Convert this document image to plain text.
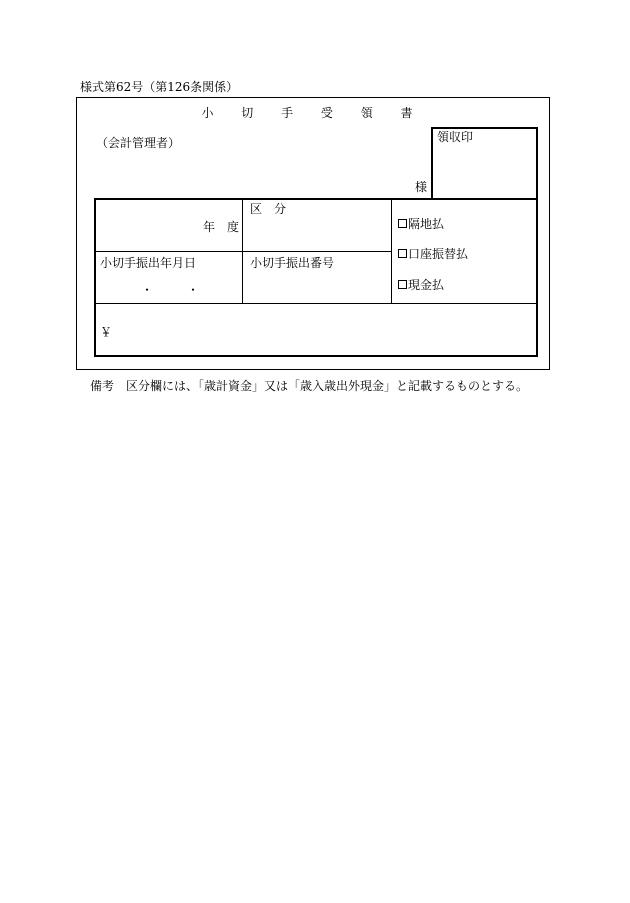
様式第62号（第126条関係）
小 切 手 受 領 書
（会計管理者）
様
領収印
年　度
区　分
小切手振出年月日
・	・
小切手振出番号
隔地払
口座振替払
現金払
￥
備考　区分欄には、「歳計資金」又は「歳入歳出外現金」と記載するものとする。
